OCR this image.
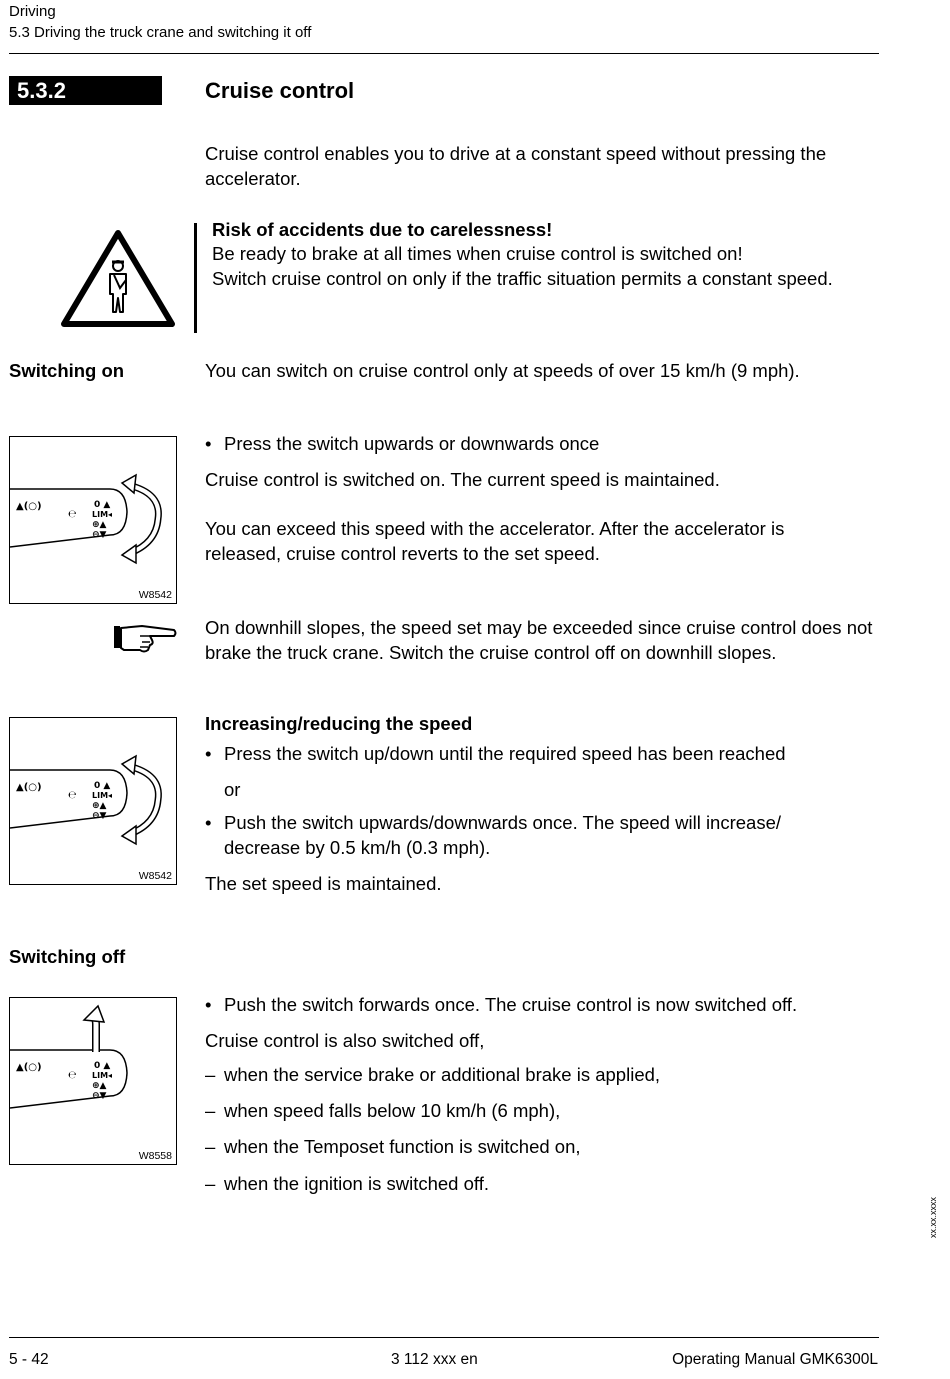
Driving
5.3 Driving the truck crane and switching it off
5.3.2	Cruise control
Cruise control enables you to drive at a constant speed without pressing the accelerator.
Risk of accidents due to carelessness!
Be ready to brake at all times when cruise control is switched on!
Switch cruise control on only if the traffic situation permits a constant speed.
Switching on	You can switch on cruise control only at speeds of over 15 km/h (9 mph).
▲(○)
℮
0 ▲
LIM◂
⊕▲
⊖▼
W8542
• Press the switch upwards or downwards once
Cruise control is switched on. The current speed is maintained.
You can exceed this speed with the accelerator. After the accelerator is released, cruise control reverts to the set speed.
On downhill slopes, the speed set may be exceeded since cruise control does not brake the truck crane. Switch the cruise control off on downhill slopes.
▲(○)
℮
0 ▲
LIM◂
⊕▲
⊖▼
W8542
Increasing/reducing the speed
• Press the switch up/down until the required speed has been reached
or
• Push the switch upwards/downwards once. The speed will increase/ decrease by 0.5 km/h (0.3 mph).
The set speed is maintained.
Switching off
▲(○)
℮
0 ▲
LIM◂
⊕▲
⊖▼
W8558
• Push the switch forwards once. The cruise control is now switched off.
Cruise control is also switched off,
– when the service brake or additional brake is applied,
– when speed falls below 10 km/h (6 mph),
– when the Temposet function is switched on,
– when the ignition is switched off.
xx.xx.xxxx
5 - 42	3 112 xxx en	Operating Manual GMK6300L
